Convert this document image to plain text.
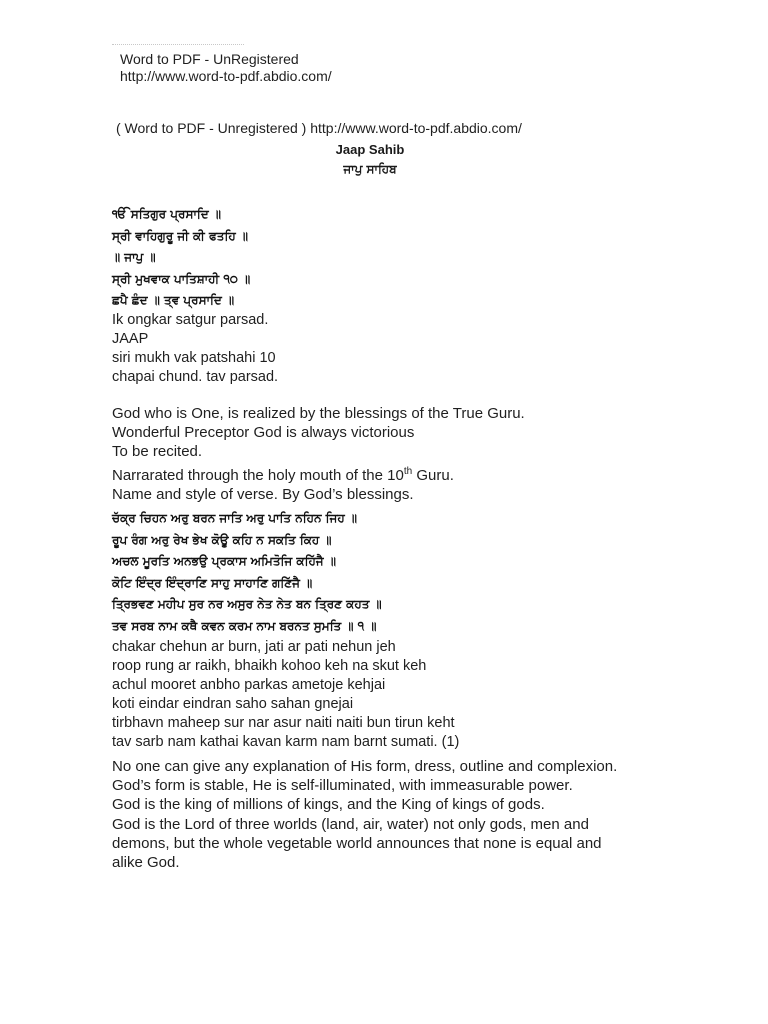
Word to PDF - UnRegistered
http://www.word-to-pdf.abdio.com/
( Word to PDF - Unregistered ) http://www.word-to-pdf.abdio.com/
Jaap Sahib
ਜਾਪੁ ਸਾਹਿਬ
ੴ ਸਤਿਗੁਰ ਪ੍ਰਸਾਦਿ ॥
ਸ੍ਰੀ ਵਾਹਿਗੁਰੂ ਜੀ ਕੀ ਫਤਹਿ ॥
॥ ਜਾਪੁ ॥
ਸ੍ਰੀ ਮੁਖਵਾਕ ਪਾਤਿਸ਼ਾਹੀ ੧੦ ॥
ਛਪੈ ਛੰਦ ॥ ਤ੍ਵ ਪ੍ਰਸਾਦਿ ॥
Ik ongkar satgur parsad.
JAAP
siri mukh vak patshahi 10
chapai chund. tav parsad.
God who is One, is realized by the blessings of the True Guru.
Wonderful Preceptor God is always victorious
To be recited.
Narrarated through the holy mouth of the 10th Guru.
Name and style of verse. By God’s blessings.
ਚੱਕ੍ਰ ਚਿਹਨ ਅਰੁ ਬਰਨ ਜਾਤਿ ਅਰੁ ਪਾਤਿ ਨਹਿਨ ਜਿਹ ॥
ਰੂਪ ਰੰਗ ਅਰੁ ਰੇਖ ਭੇਖ ਕੋਊ ਕਹਿ ਨ ਸਕਤਿ ਕਿਹ ॥
ਅਚਲ ਮੂਰਤਿ ਅਨਭਉ ਪ੍ਰਕਾਸ ਅਮਿਤੋਜਿ ਕਹਿੱਜੈ ॥
ਕੋਟਿ ਇੰਦ੍ਰ ਇੰਦ੍ਰਾਣਿ ਸਾਹੁ ਸਾਹਾਣਿ ਗਣਿੱਜੈ ॥
ਤ੍ਰਿਭਵਣ ਮਹੀਪ ਸੁਰ ਨਰ ਅਸੁਰ ਨੇਤ ਨੇਤ ਬਨ ਤ੍ਰਿਣ ਕਹਤ ॥
ਤਵ ਸਰਬ ਨਾਮ ਕਥੈ ਕਵਨ ਕਰਮ ਨਾਮ ਬਰਨਤ ਸੁਮਤਿ ॥ ੧ ॥
chakar chehun ar burn, jati ar pati nehun jeh
roop rung ar raikh, bhaikh kohoo keh na skut keh
achul mooret anbho parkas ametoje kehjai
koti eindar eindran saho sahan gnejai
tirbhavn maheep sur nar asur naiti naiti bun tirun keht
tav sarb nam kathai kavan karm nam barnt sumati. (1)
No one can give any explanation of His form, dress, outline and complexion.
God’s form is stable, He is self-illuminated, with immeasurable power.
God is the king of millions of kings, and the King of kings of gods.
God is the Lord of three worlds (land, air, water) not only gods, men and demons, but the whole vegetable world announces that none is equal and alike God.
